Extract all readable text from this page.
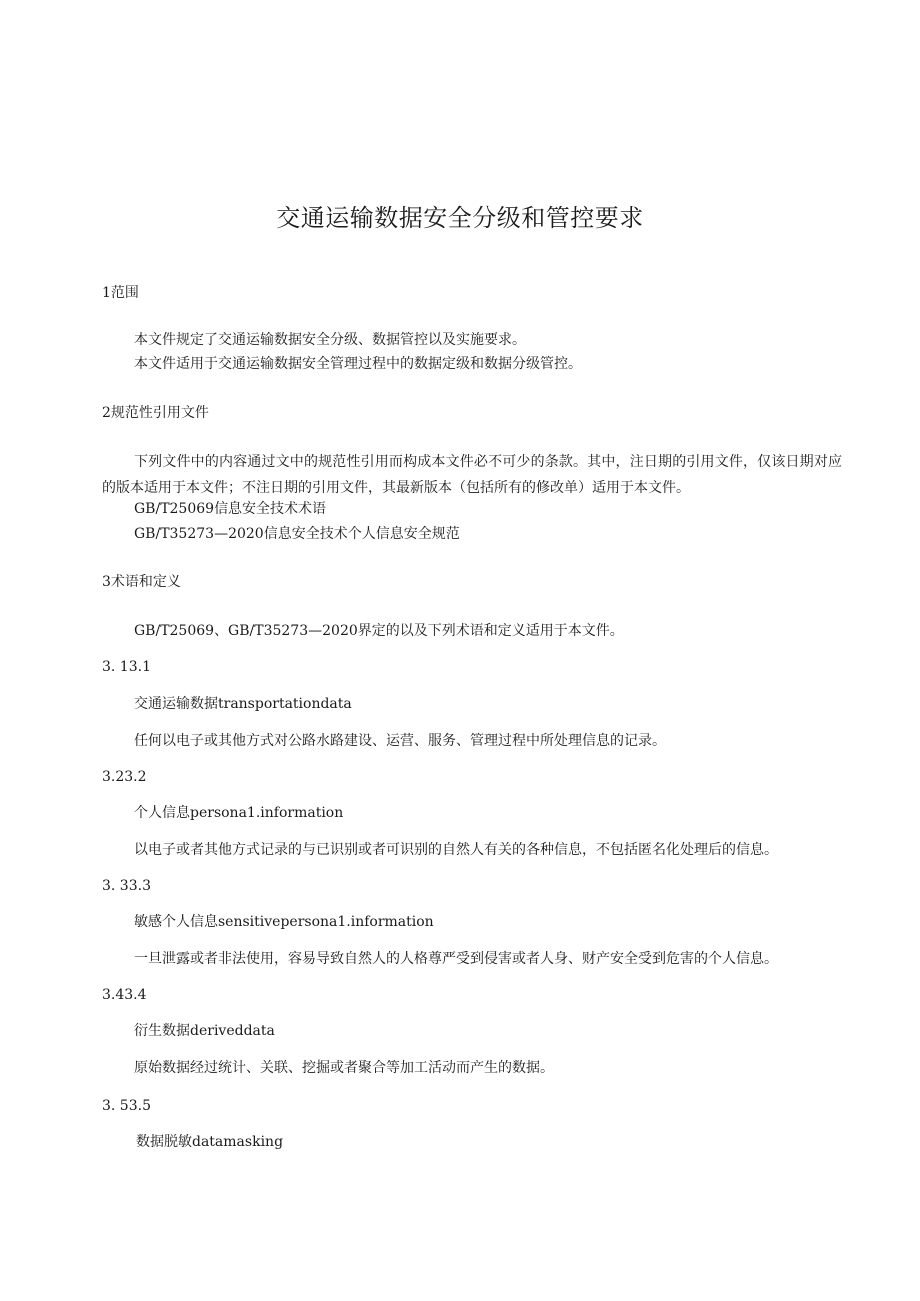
交通运输数据安全分级和管控要求
1范围
本文件规定了交通运输数据安全分级、数据管控以及实施要求。
本文件适用于交通运输数据安全管理过程中的数据定级和数据分级管控。
2规范性引用文件
下列文件中的内容通过文中的规范性引用而构成本文件必不可少的条款。其中，注日期的引用文件，仅该日期对应的版本适用于本文件；不注日期的引用文件，其最新版本（包括所有的修改单）适用于本文件。
GB/T25069信息安全技术术语
GB/T35273—2020信息安全技术个人信息安全规范
3术语和定义
GB/T25069、GB/T35273—2020界定的以及下列术语和定义适用于本文件。
3. 13.1
交通运输数据transportationdata
任何以电子或其他方式对公路水路建设、运营、服务、管理过程中所处理信息的记录。
3.23.2
个人信息persona1.information
以电子或者其他方式记录的与已识别或者可识别的自然人有关的各种信息，不包括匿名化处理后的信息。
3. 33.3
敏感个人信息sensitivepersona1.information
一旦泄露或者非法使用，容易导致自然人的人格尊严受到侵害或者人身、财产安全受到危害的个人信息。
3.43.4
衍生数据deriveddata
原始数据经过统计、关联、挖掘或者聚合等加工活动而产生的数据。
3. 53.5
数据脱敏datamasking
